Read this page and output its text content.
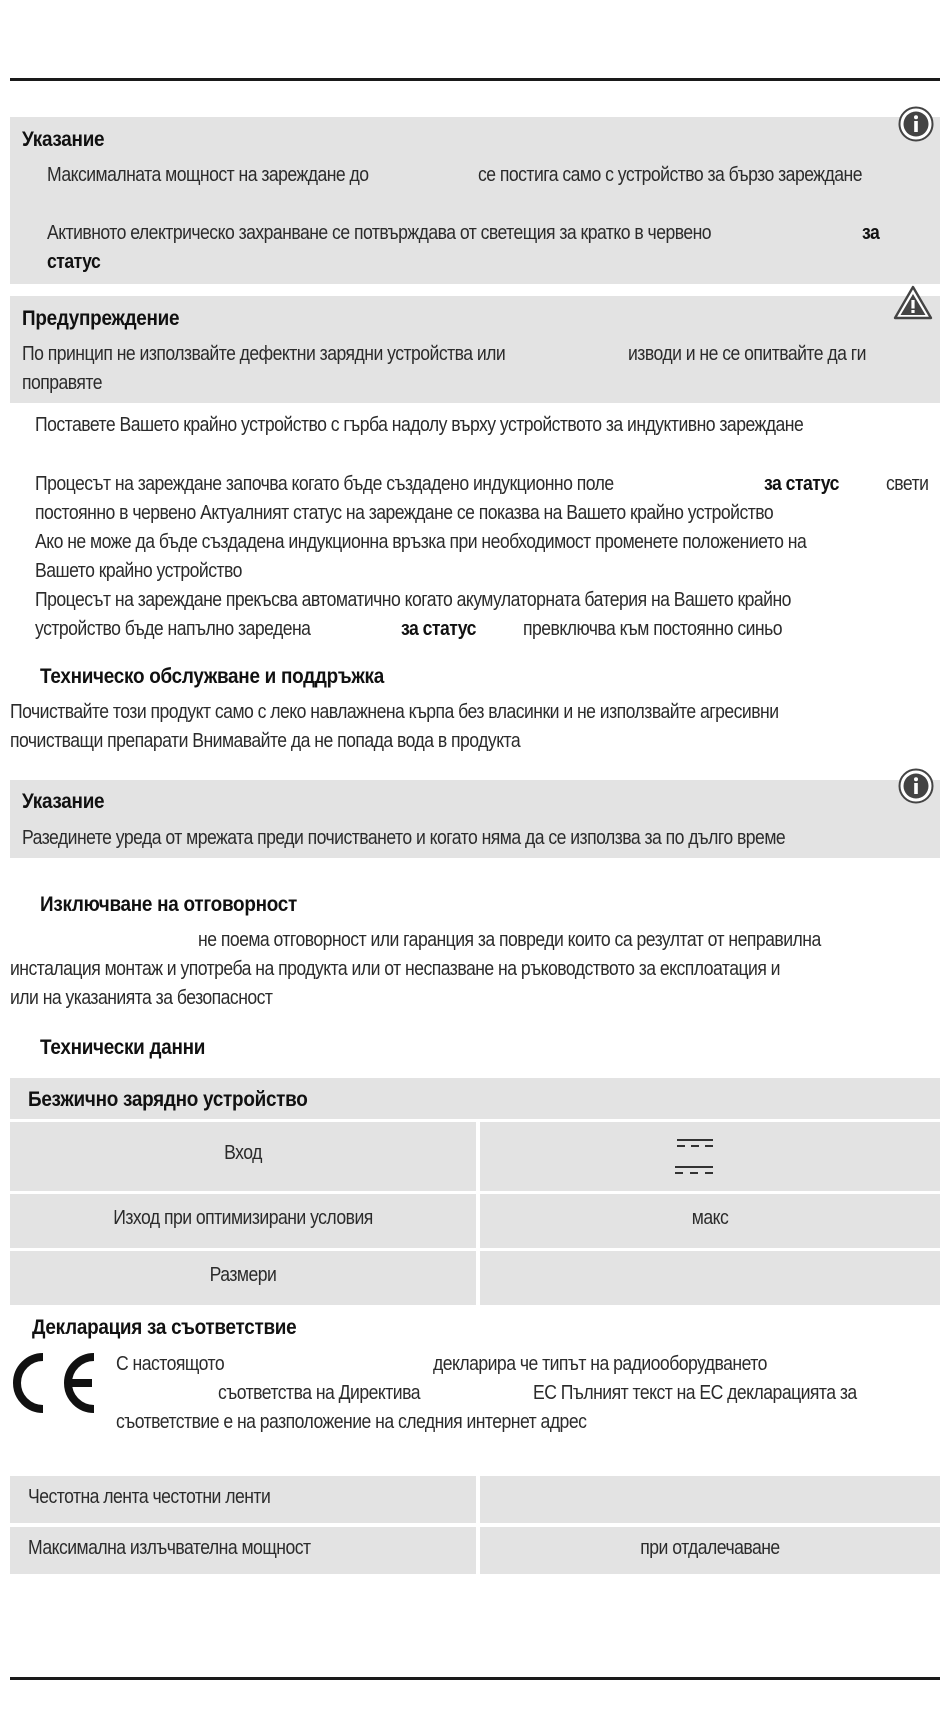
Указание
Максималната мощност на зареждане до	се постига само с устройство за бързо зареждане
Активното електрическо захранване се потвърждава от светещия за кратко в червено	за
статус
Предупреждение
По принцип не използвайте дефектни зарядни устройства или	изводи и не се опитвайте да ги
поправяте
Поставете Вашето крайно устройство с гърба надолу върху устройството за индуктивно зареждане
Процесът на зареждане започва когато бъде създадено индукционно поле	за статус свети
постоянно в червено Актуалният статус на зареждане се показва на Вашето крайно устройство
Ако не може да бъде създадена индукционна връзка при необходимост променете положението на
Вашето крайно устройство
Процесът на зареждане прекъсва автоматично когато акумулаторната батерия на Вашето крайно
устройство бъде напълно заредена	за статус превключва към постоянно синьо
Техническо обслужване и поддръжка
Почиствайте този продукт само с леко навлажнена кърпа без власинки и не използвайте агресивни
почистващи препарати Внимавайте да не попада вода в продукта
Указание
Разединете уреда от мрежата преди почистването и когато няма да се използва за по дълго време
Изключване на отговорност
не поема отговорност или гаранция за повреди които са резултат от неправилна
инсталация монтаж и употреба на продукта или от неспазване на ръководството за експлоатация и
или на указанията за безопасност
Технически данни
Безжично зарядно устройство
Вход
Изход при оптимизирани условия	макс
Размери
Декларация за съответствие
С настоящото	декларира че типът на радиооборудването
съответства на Директива	ЕС Пълният текст на ЕС декларацията за
съответствие е на разположение на следния интернет адрес
Честотна лента честотни ленти
Максимална излъчвателна мощност	при отдалечаване
